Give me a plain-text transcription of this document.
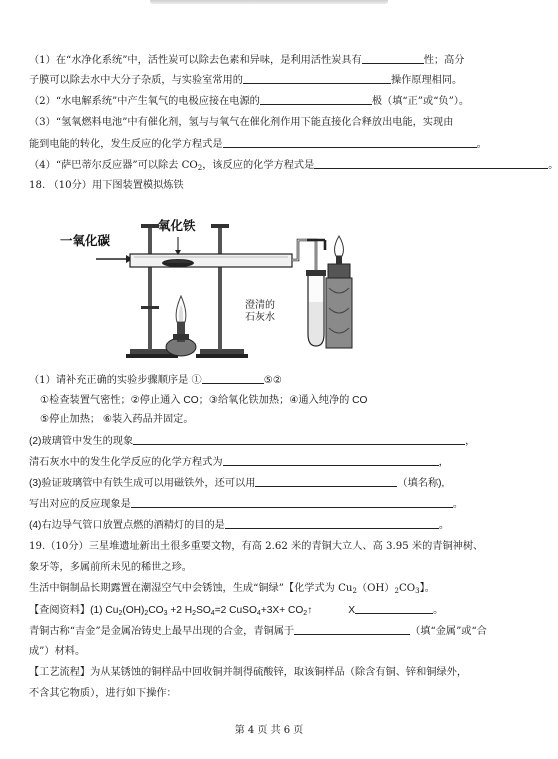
（1）在“水净化系统”中，活性炭可以除去色素和异味，是利用活性炭具有	性；高分
子膜可以除去水中大分子杂质，与实验室常用的	操作原理相同。
（2）“水电解系统”中产生氧气的电极应接在电源的	极（填“正”或“负”）。
（3）“氢氧燃料电池”中有催化剂，氢与与氧气在催化剂作用下能直接化合释放出电能，实现由
能到电能的转化，发生反应的化学方程式是	。
（4）“萨巴蒂尔反应器”可以除去 $CO_2$，该反应的化学方程式是	。
18. （10分）用下图装置模拟炼铁
一氧化碳
氧化铁
澄清的
石灰水
（1）请补充正确的实验步骤顺序是 ①	⑤②
①检查装置气密性；②停止通入 CO；③给氧化铁加热；④通入纯净的 CO
⑤停止加热； ⑥装入药品并固定。
(2)玻璃管中发生的现象	，
清石灰水中的发生化学反应的化学方程式为	，
(3)验证玻璃管中有铁生成可以用磁铁外，还可以用	（填名称),
写出对应的反应现象是	。
(4)右边导气管口放置点燃的酒精灯的目的是	。
19.（10分）三星堆遗址新出土很多重要文物，有高 2.62 米的青铜大立人、高 3.95 米的青铜神树、
象牙等，多属前所未见的稀世之珍。
生活中铜制品长期露置在潮湿空气中会锈蚀，生成“铜绿”【化学式为 $Cu_2(OH)_2CO_3$】。
【查阅资料】(1) $Cu_2(OH)_2CO_3 +2$ $H_2SO_4=2$ CuSO$_4$+3X+ $CO_2↑$	X	。
青铜古称“吉金”是金属冶铸史上最早出现的合金，青铜属于	（填“金属”或“合
成”）材料。
【工艺流程】为从某锈蚀的铜样品中回收铜并制得硫酸锌，取该铜样品（除含有铜、锌和铜绿外，
不含其它物质），进行如下操作：
第 4 页 共 6 页
